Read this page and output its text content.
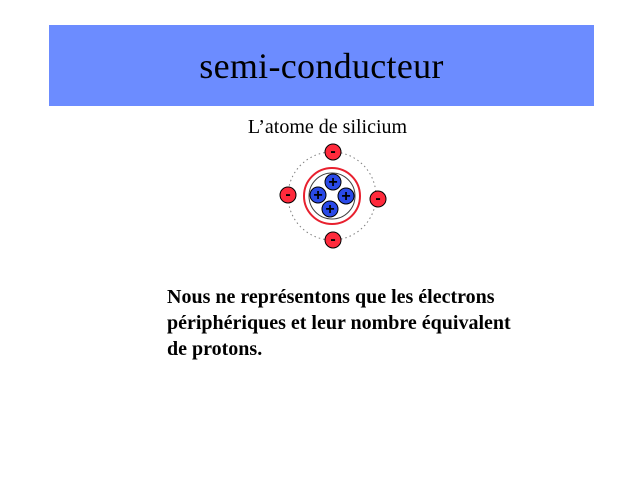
semi-conducteur
L’atome de silicium
+
+ +
+
-
-	-
-
Nous ne représentons que les électrons
périphériques et leur nombre équivalent
de protons.
